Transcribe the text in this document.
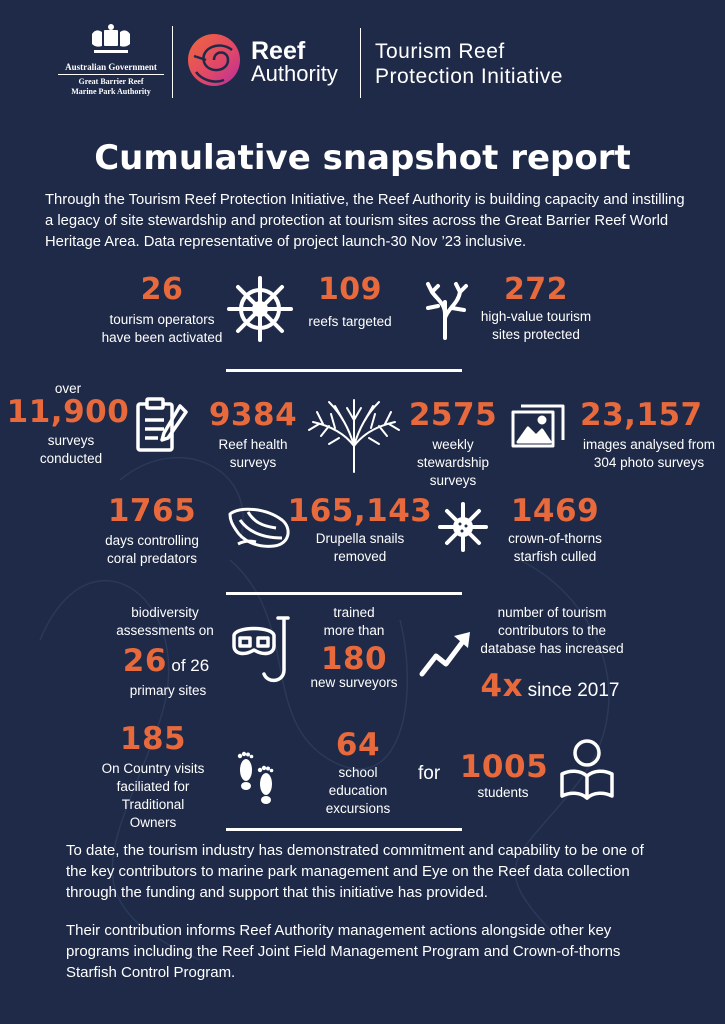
Australian Government
Great Barrier Reef
Marine Park Authority
Reef
Authority
Tourism Reef
Protection Initiative
Cumulative snapshot report

Through the Tourism Reef Protection Initiative, the Reef Authority is building capacity and instilling a legacy of site stewardship and protection at tourism sites across the Great Barrier Reef World Heritage Area. Data representative of project launch-30 Nov ’23 inclusive.

26
tourism operators have been activated
109
reefs targeted
272
high-value tourism sites protected
over
11,900
surveys conducted
9384
Reef health surveys
2575
weekly stewardship surveys
23,157
images analysed from 304 photo surveys
1765
days controlling coral predators
165,143
Drupella snails removed
1469
crown-of-thorns starfish culled
biodiversity assessments on
26 of 26
primary sites
trained more than
180
new surveyors
number of tourism contributors to the database has increased
4x since 2017
185
On Country visits faciliated for Traditional Owners
64
school education excursions
for 1005
students

To date, the tourism industry has demonstrated commitment and capability to be one of the key contributors to marine park management and Eye on the Reef data collection through the funding and support that this initiative has provided.

Their contribution informs Reef Authority management actions alongside other key programs including the Reef Joint Field Management Program and Crown-of-thorns Starfish Control Program.
